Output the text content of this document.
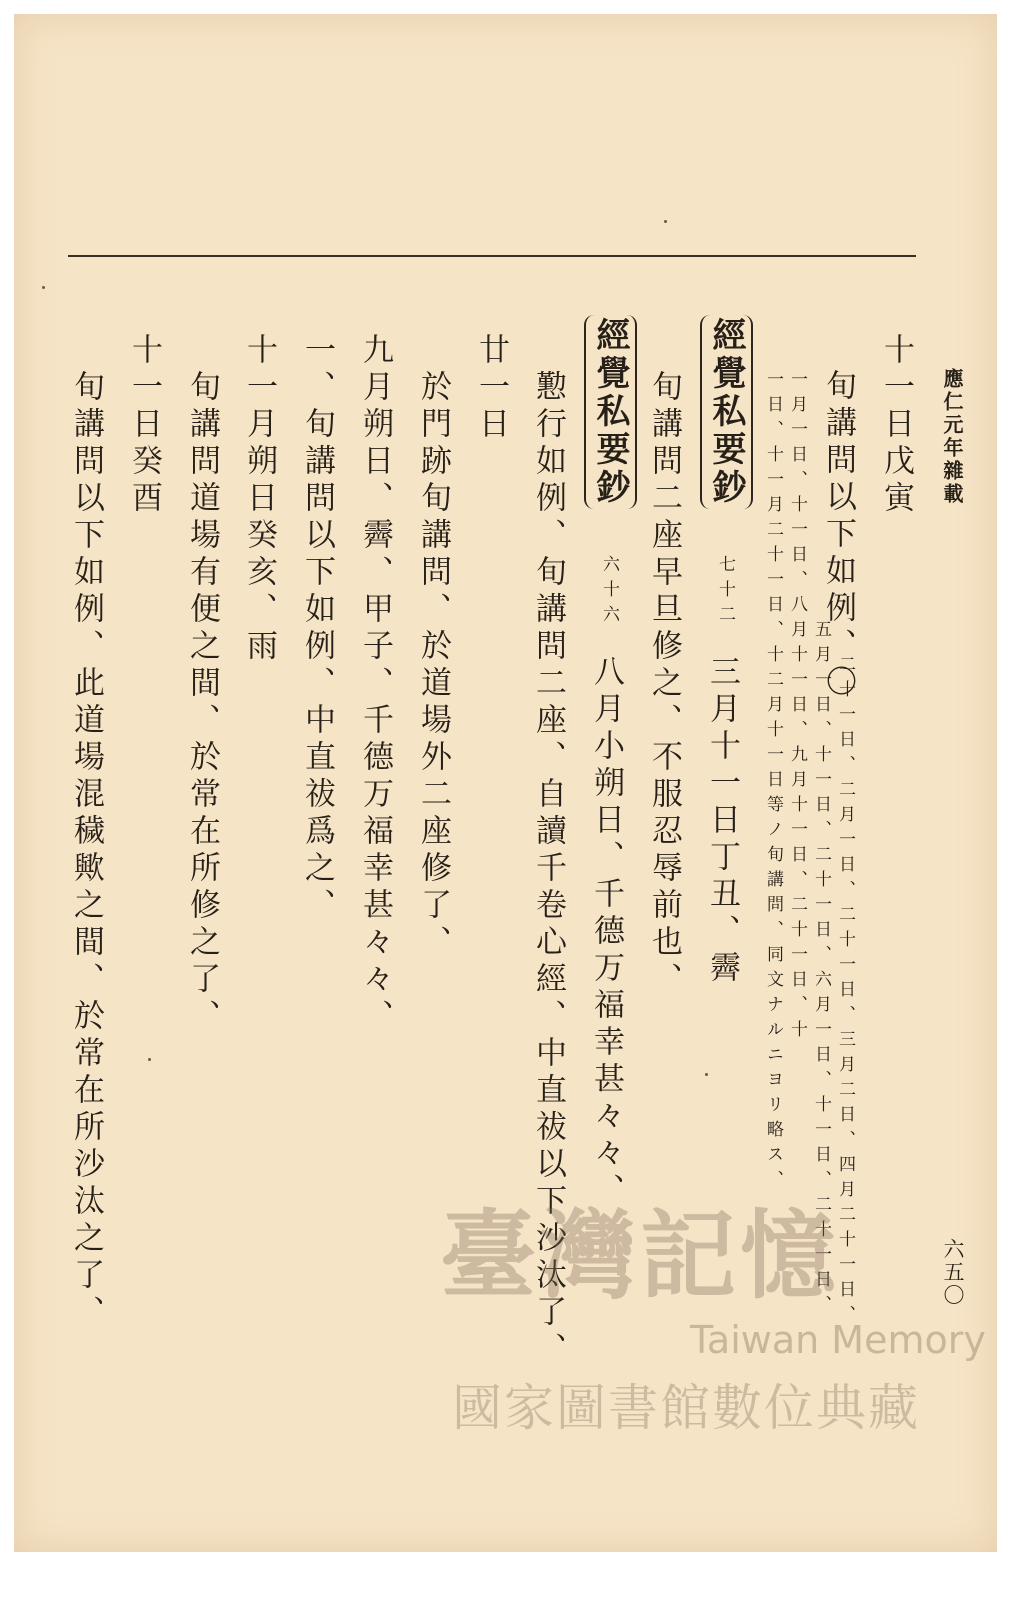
應仁元年雜載
六五〇
十一日戊寅
旬講問以下如例、〇
二十一日、二月一日、二十一日、三月二日、四月二十一日、
五月一日、十一日、二十一日、六月一日、十一日、二十一日、
一月一日、十一日、八月十一日、九月十一日、二十一日、十
一日、十一月二十一日、十二月十一日等ノ旬講問、同文ナルニヨリ略ス、
經覺私要鈔
七十二
三月十一日丁丑、霽
旬講問二座早旦修之、不服忍辱前也、
經覺私要鈔
六十六
八月小朔日、千德万福幸甚々々、
懃行如例、旬講問二座、自讀千卷心經、中直祓以下沙汰了、
廿一日
於門跡旬講問、於道場外二座修了、
九月朔日、霽、甲子、千德万福幸甚々々、
一、旬講問以下如例、中直祓爲之、
十一月朔日癸亥、雨
旬講問道場有便之間、於常在所修之了、
十一日癸酉
旬講問以下如例、此道場混穢歟之間、於常在所沙汰之了、	臺灣記憶
Taiwan Memory
國家圖書館數位典藏
